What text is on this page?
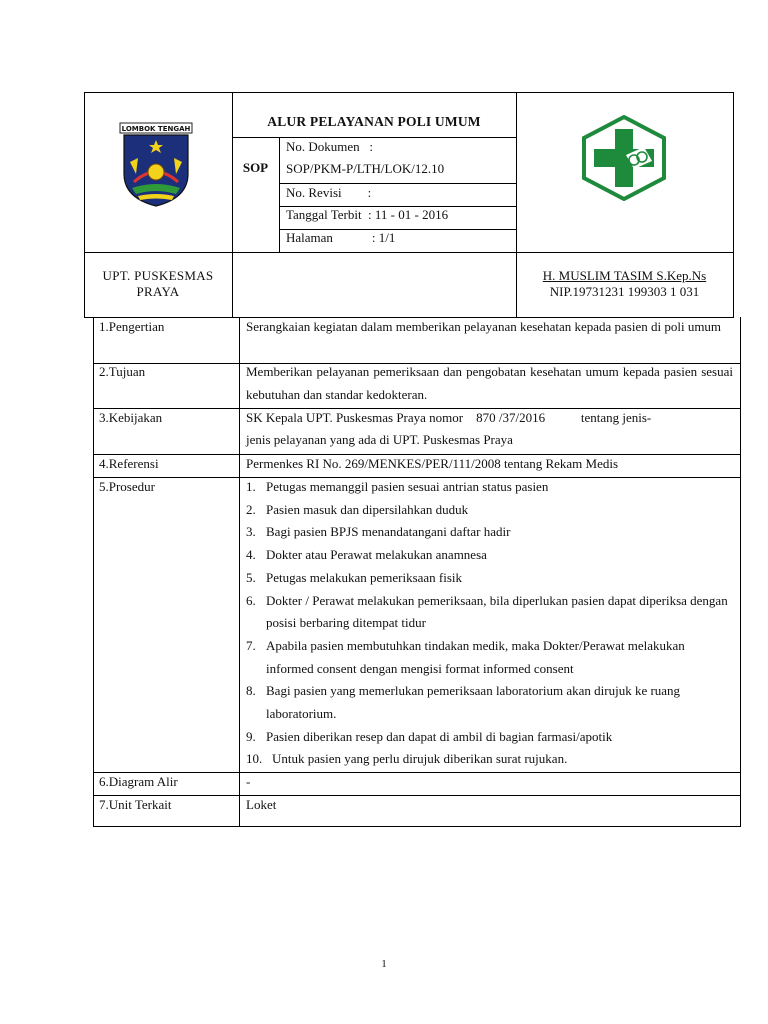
LOMBOK TENGAH	ALUR PELAYANAN POLI UMUM
SOP
No. Dokumen   :
SOP/PKM-P/LTH/LOK/12.10
No. Revisi        :
Tanggal Terbit  : 11 - 01 - 2016
Halaman            : 1/1
UPT. PUSKESMAS
PRAYA
H. MUSLIM TASIM S.Kep.Ns
NIP.19731231 199303 1 031
1.Pengertian	Serangkaian kegiatan dalam memberikan pelayanan kesehatan kepada pasien di poli umum
2.Tujuan	Memberikan pelayanan pemeriksaan dan pengobatan kesehatan umum kepada pasien sesuai kebutuhan dan standar kedokteran.
3.Kebijakan	SK Kepala UPT. Puskesmas Praya nomor    870 /37/2016           tentang jenis-
jenis pelayanan yang ada di UPT. Puskesmas Praya
4.Referensi	Permenkes RI No. 269/MENKES/PER/111/2008 tentang Rekam Medis
5.Prosedur	1. Petugas memanggil pasien sesuai antrian status pasien
2. Pasien masuk dan dipersilahkan duduk
3. Bagi pasien BPJS menandatangani daftar hadir
4. Dokter atau Perawat melakukan anamnesa
5. Petugas melakukan pemeriksaan fisik
6. Dokter / Perawat melakukan pemeriksaan, bila diperlukan pasien dapat diperiksa dengan posisi berbaring ditempat tidur
7. Apabila pasien membutuhkan tindakan medik, maka Dokter/Perawat melakukan informed consent dengan mengisi format informed consent
8. Bagi pasien yang memerlukan pemeriksaan laboratorium akan dirujuk ke ruang laboratorium.
9. Pasien diberikan resep dan dapat di ambil di bagian farmasi/apotik
10. Untuk pasien yang perlu dirujuk diberikan surat rujukan.
6.Diagram Alir	-
7.Unit Terkait	Loket
1
